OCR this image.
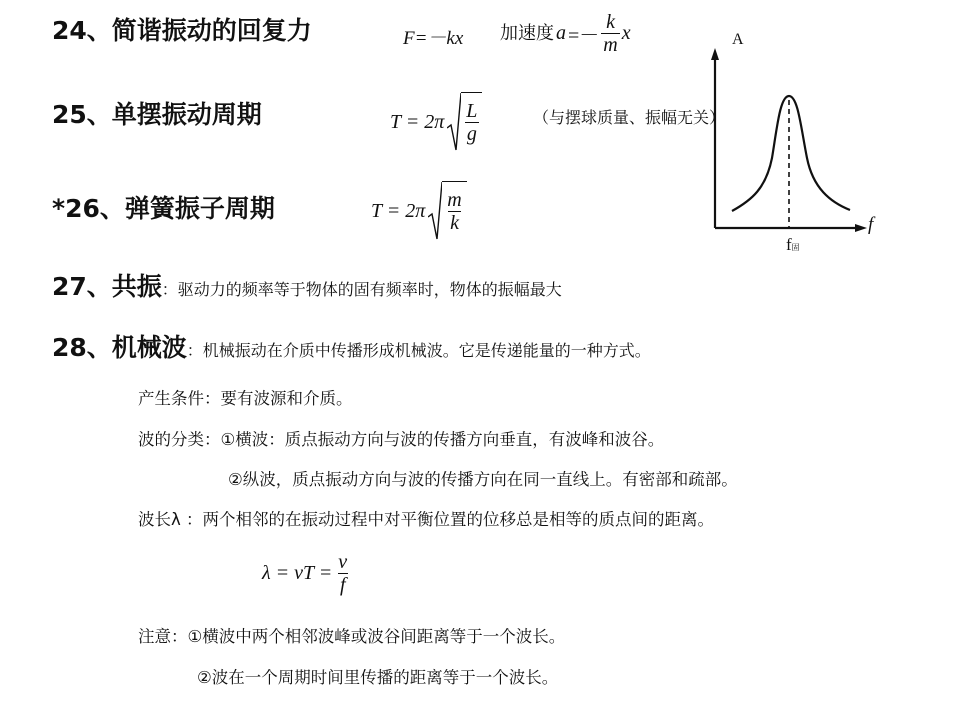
24、简谐振动的回复力	F=－kx 加速度 $a =- \frac{k}{m}$ x
25、单摆振动周期	$T = 2\pi \frac{L}{g}$	（与摆球质量、振幅无关）
*26、弹簧振子周期	$T = 2\pi \frac{m}{k}$
27、共振：驱动力的频率等于物体的固有频率时，物体的振幅最大
28、机械波：机械振动在介质中传播形成机械波。它是传递能量的一种方式。
产生条件：要有波源和介质。
波的分类：①横波：质点振动方向与波的传播方向垂直，有波峰和波谷。
②纵波，质点振动方向与波的传播方向在同一直线上。有密部和疏部。
波长λ ：两个相邻的在振动过程中对平衡位置的位移总是相等的质点间的距离。
λ = vT = $\frac{v}{f}$
注意：①横波中两个相邻波峰或波谷间距离等于一个波长。
②波在一个周期时间里传播的距离等于一个波长。
A
f
f固
